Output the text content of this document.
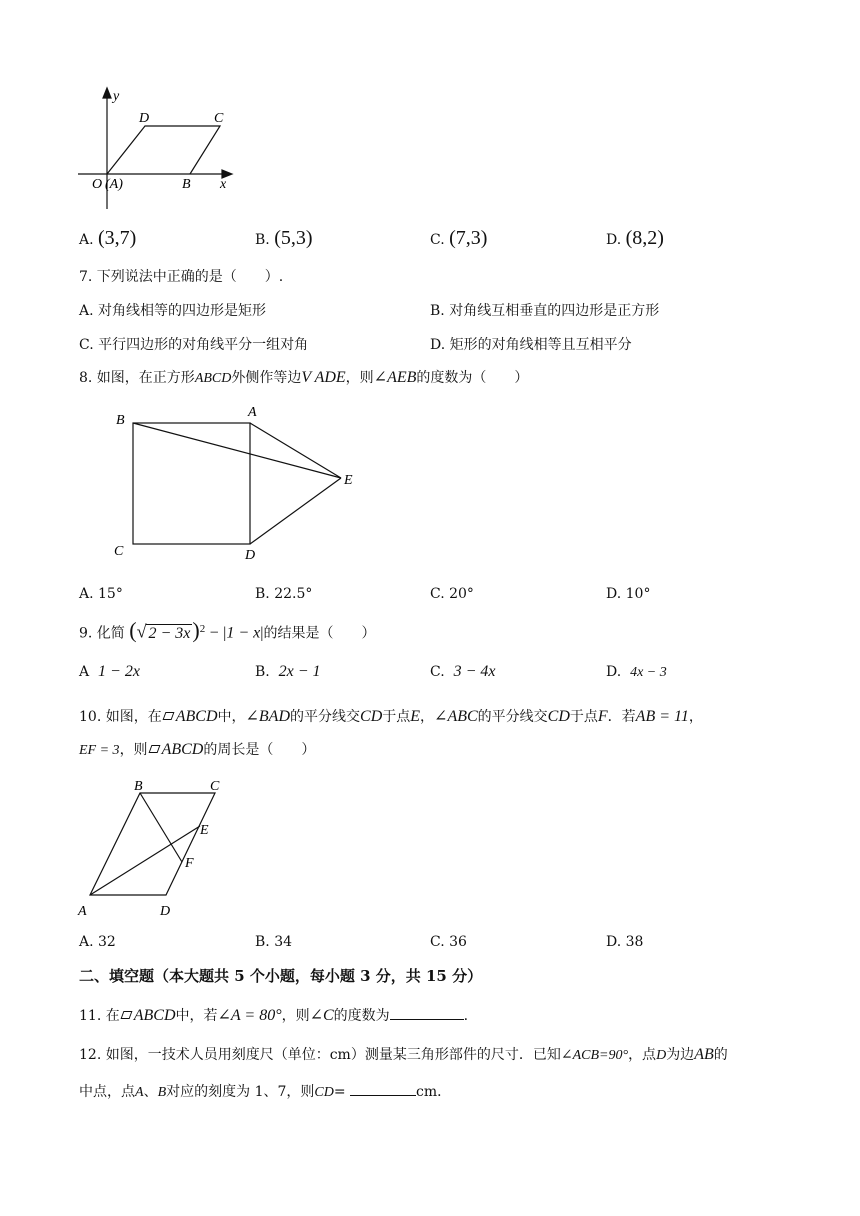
y
x
O (A)	B
C
D
A. (3,7)	B. (5,3)	C. (7,3)	D. (8,2)
7. 下列说法中正确的是（　　）.
A. 对角线相等的四边形是矩形	B. 对角线互相垂直的四边形是正方形
C. 平行四边形的对角线平分一组对角	D. 矩形的对角线相等且互相平分
8. 如图，在正方形ABCD外侧作等边V ADE，则∠AEB的度数为（　　）
A
B
C	D
E
A. 15°	B. 22.5°	C. 20°	D. 10°
9. 化简 (√ 2 − 3x)$^2$ − |1 − x|的结果是（　　）
A 1 − 2x	B. 2x − 1	C. 3 − 4x	D. 4x − 3
10. 如图，在 ABCD中，∠BAD的平分线交CD于点E，∠ABC的平分线交CD于点F．若AB = 11，
EF = 3，则 ABCD的周长是（　　）
A
B	C
D
E
F
A. 32	B. 34	C. 36	D. 38
二、填空题（本大题共 5 个小题，每小题 3 分，共 15 分）
11. 在 ABCD中，若∠A = 80°，则∠C的度数为	.
12. 如图，一技术人员用刻度尺（单位：cm）测量某三角形部件的尺寸．已知∠ACB=90°，点D为边AB的
中点，点A、B对应的刻度为 1、7，则CD=	cm．
